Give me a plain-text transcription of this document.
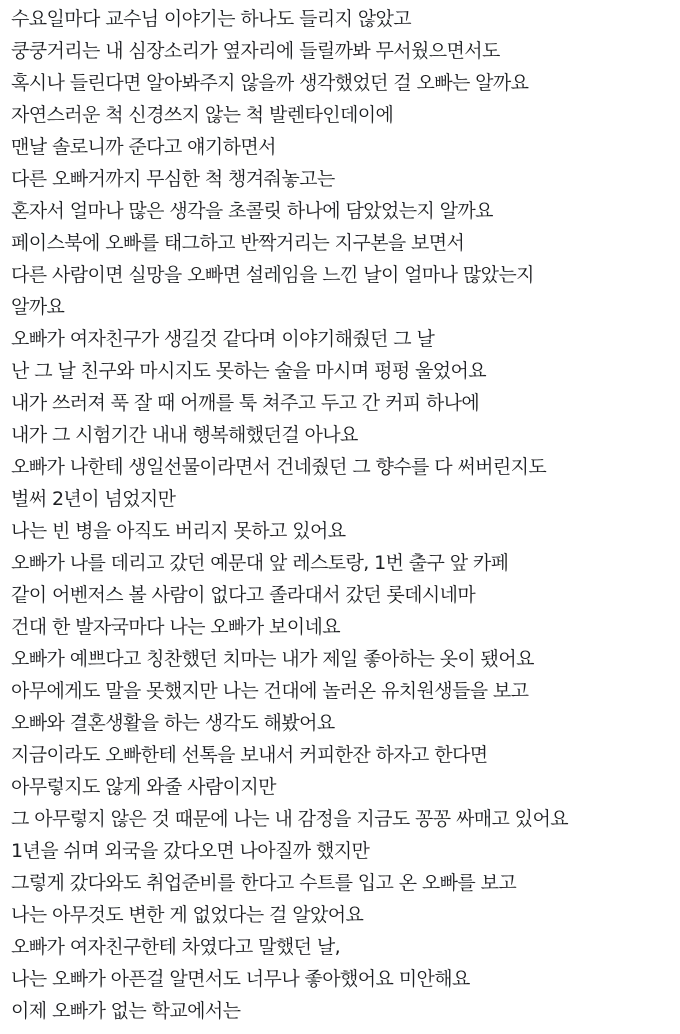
수요일마다 교수님 이야기는 하나도 들리지 않았고
쿵쿵거리는 내 심장소리가 옆자리에 들릴까봐 무서웠으면서도
혹시나 들린다면 알아봐주지 않을까 생각했었던 걸 오빠는 알까요
자연스러운 척 신경쓰지 않는 척 발렌타인데이에
맨날 솔로니까 준다고 얘기하면서
다른 오빠거까지 무심한 척 챙겨줘놓고는
혼자서 얼마나 많은 생각을 초콜릿 하나에 담았었는지 알까요
페이스북에 오빠를 태그하고 반짝거리는 지구본을 보면서
다른 사람이면 실망을 오빠면 설레임을 느낀 날이 얼마나 많았는지
알까요
오빠가 여자친구가 생길것 같다며 이야기해줬던 그 날
난 그 날 친구와 마시지도 못하는 술을 마시며 펑펑 울었어요
내가 쓰러져 푹 잘 때 어깨를 툭 쳐주고 두고 간 커피 하나에
내가 그 시험기간 내내 행복해했던걸 아나요
오빠가 나한테 생일선물이라면서 건네줬던 그 향수를 다 써버린지도
벌써 2년이 넘었지만
나는 빈 병을 아직도 버리지 못하고 있어요
오빠가 나를 데리고 갔던 예문대 앞 레스토랑, 1번 출구 앞 카페
같이 어벤저스 볼 사람이 없다고 졸라대서 갔던 롯데시네마
건대 한 발자국마다 나는 오빠가 보이네요
오빠가 예쁘다고 칭찬했던 치마는 내가 제일 좋아하는 옷이 됐어요
아무에게도 말을 못했지만 나는 건대에 놀러온 유치원생들을 보고
오빠와 결혼생활을 하는 생각도 해봤어요
지금이라도 오빠한테 선톡을 보내서 커피한잔 하자고 한다면
아무렇지도 않게 와줄 사람이지만
그 아무렇지 않은 것 때문에 나는 내 감정을 지금도 꽁꽁 싸매고 있어요
1년을 쉬며 외국을 갔다오면 나아질까 했지만
그렇게 갔다와도 취업준비를 한다고 수트를 입고 온 오빠를 보고
나는 아무것도 변한 게 없었다는 걸 알았어요
오빠가 여자친구한테 차였다고 말했던 날,
나는 오빠가 아픈걸 알면서도 너무나 좋아했어요 미안해요
이제 오빠가 없는 학교에서는
